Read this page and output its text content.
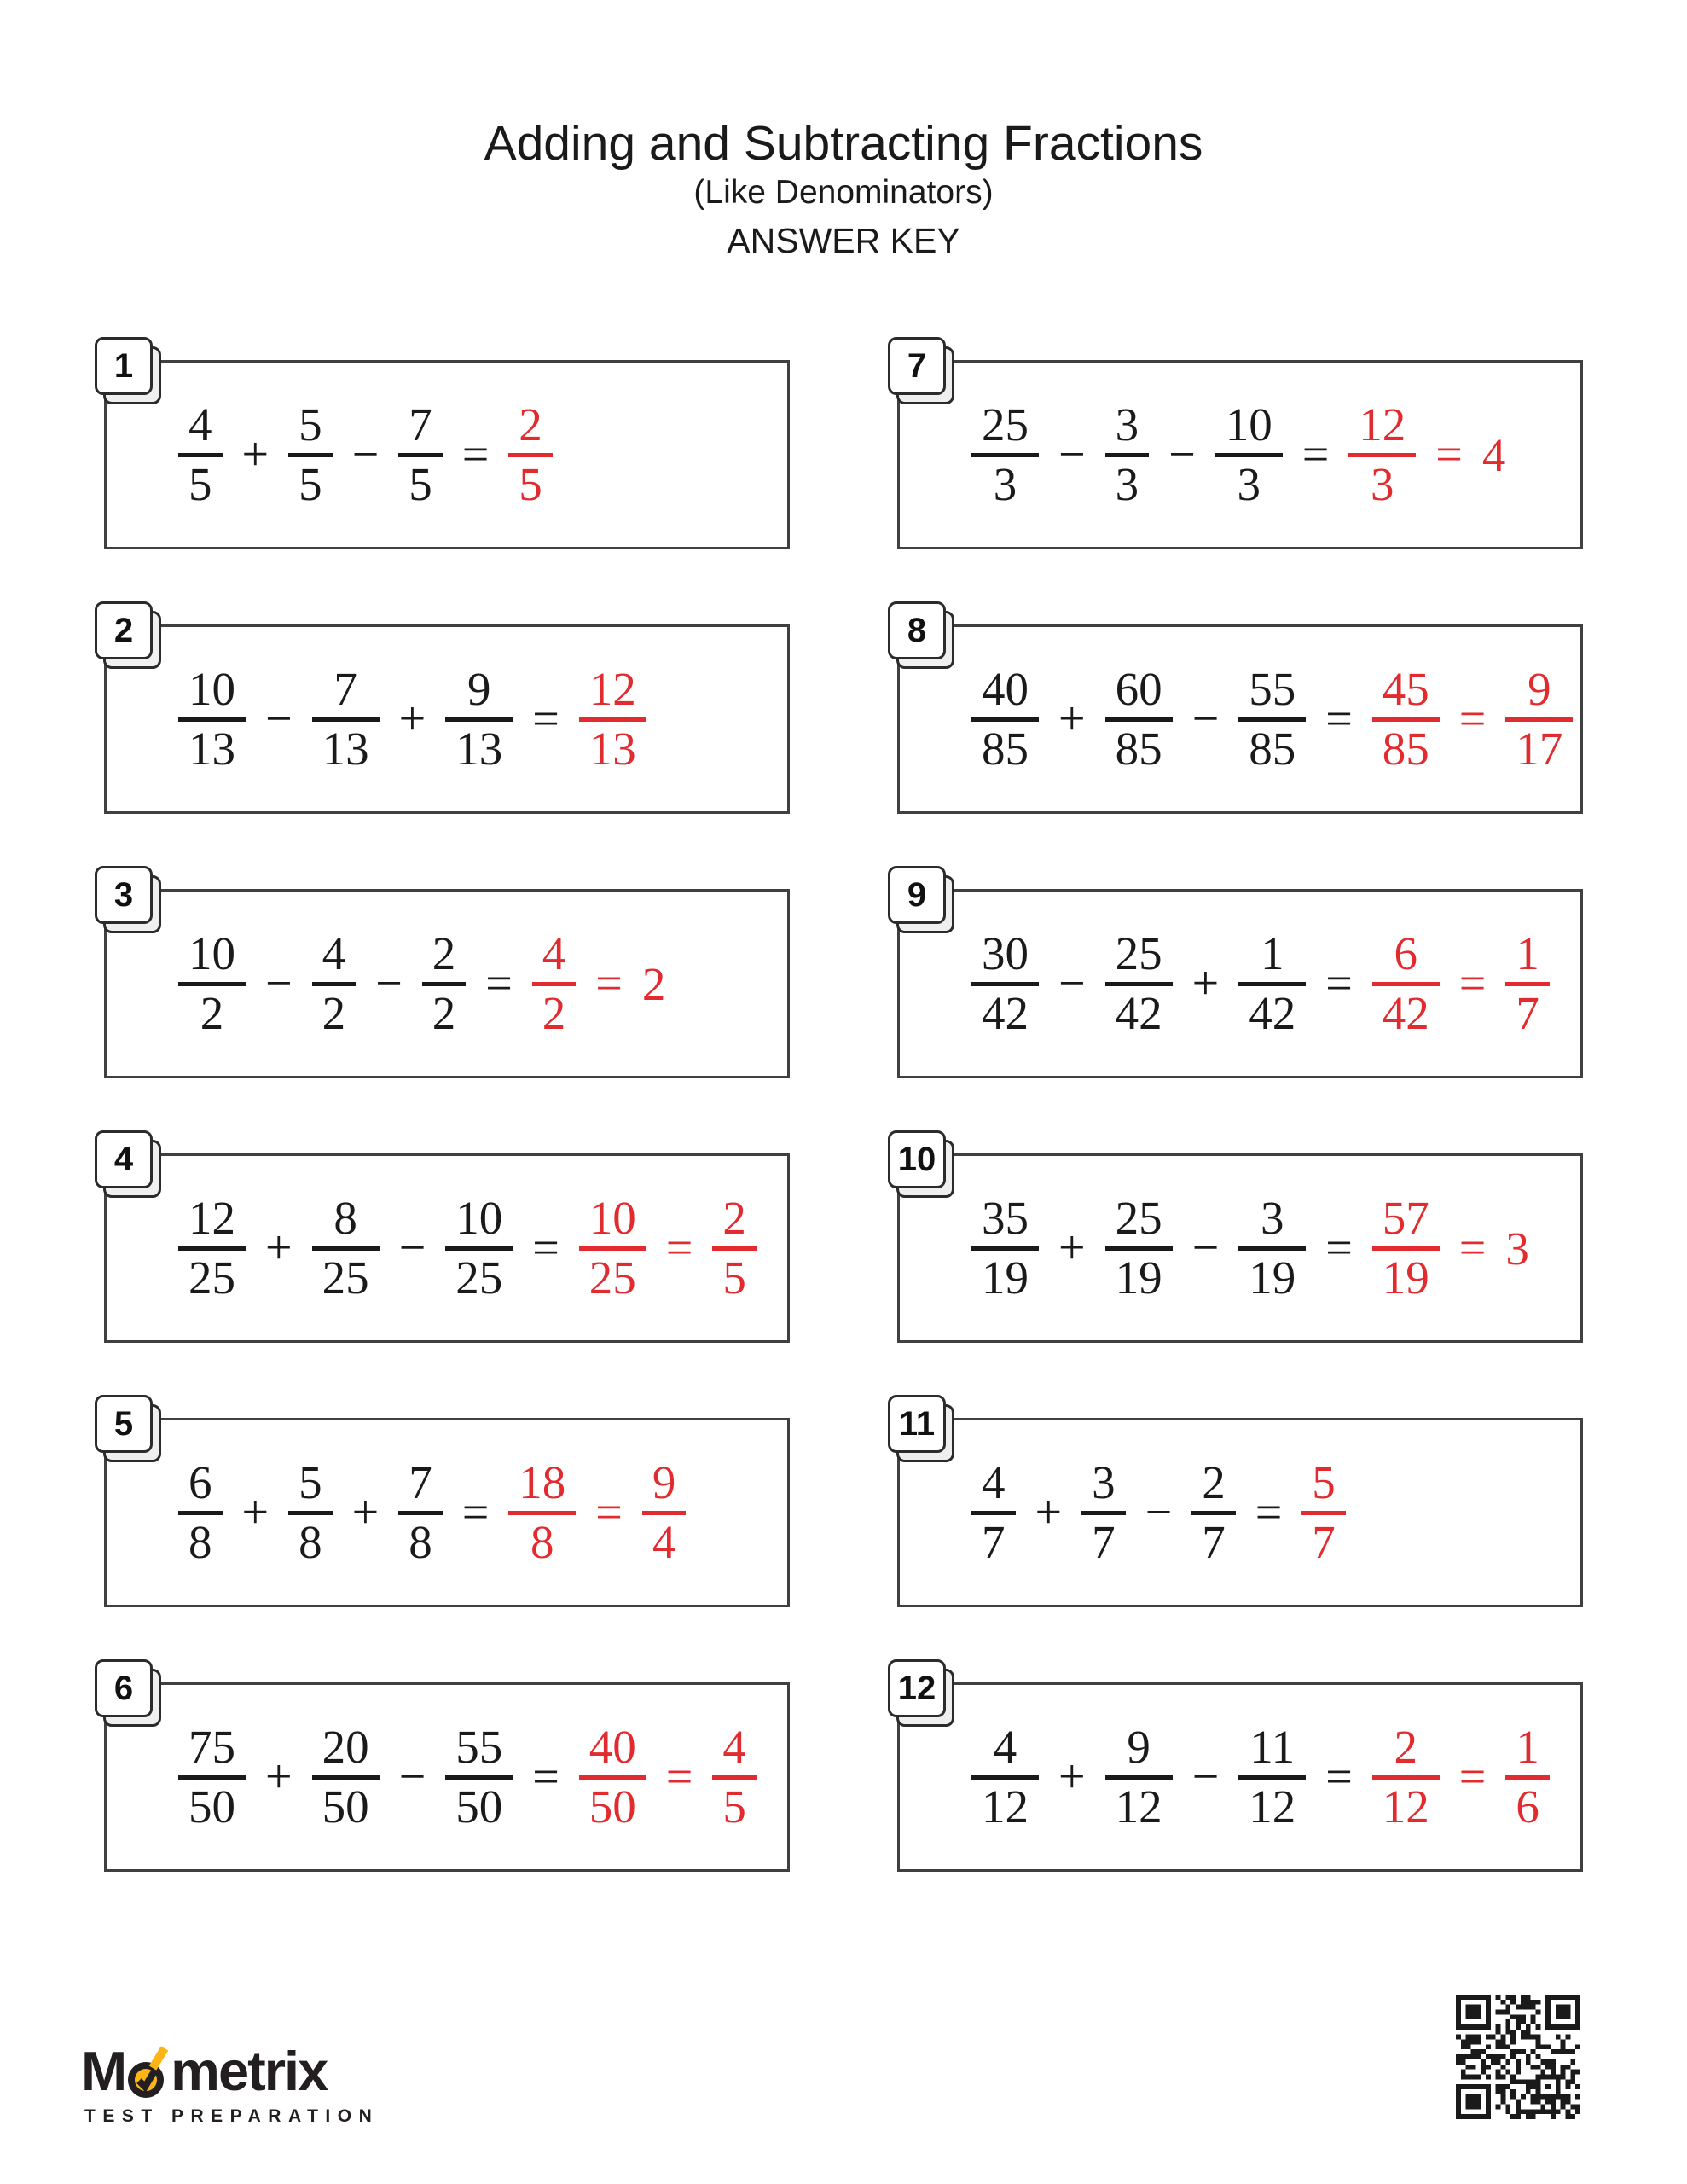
Adding and Subtracting Fractions
(Like Denominators)
ANSWER KEY
4
5
+
5
5
−
7
5
=
2
5
1
10
13
−
7
13
+
9
13
=
12
13
2
10
2
−
4
2
−
2
2
=
4
2
= 2
3
12
25
+
8
25
−
10
25
=
10
25
=
2
5
4
6
8
+
5
8
+
7
8
=
18
8
=
9
4
5
75
50
+
20
50
−
55
50
=
40
50
=
4
5
6
25
3
−
3
3
−
10
3
=
12
3
= 4
7
40
85
+
60
85
−
55
85
=
45
85
=
9
17
8
30
42
−
25
42
+
1
42
=
6
42
=
1
7
9
35
19
+
25
19
−
3
19
=
57
19
= 3
10
4
7
+
3
7
−
2
7
=
5
7
11
4
12
+
9
12
−
11
12
=
2
12
=
1
6
12
M metrix
TEST PREPARATION
